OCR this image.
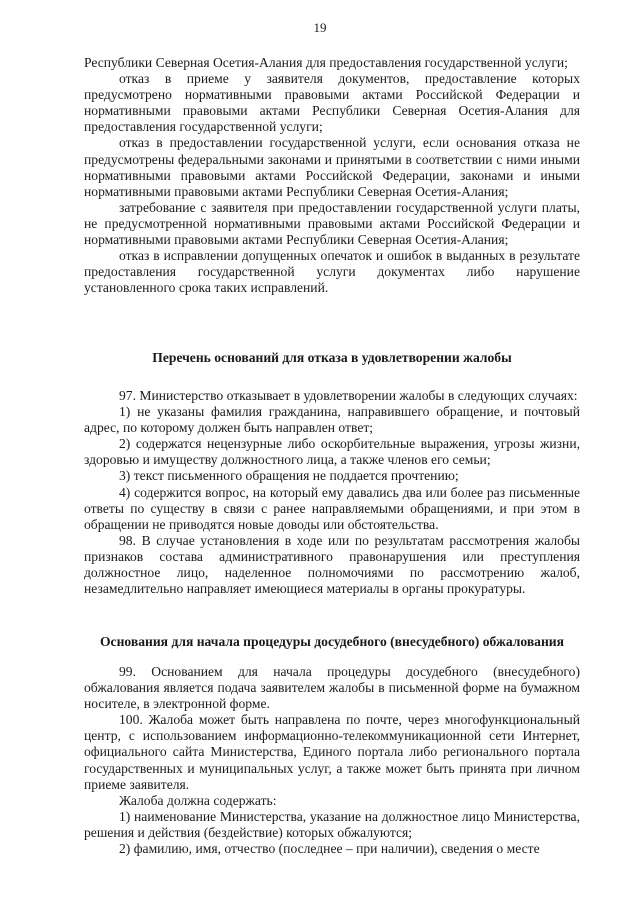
19

Республики Северная Осетия-Алания для предоставления государственной услуги;

отказ в приеме у заявителя документов, предоставление которых предусмотрено нормативными правовыми актами Российской Федерации и нормативными правовыми актами Республики Северная Осетия-Алания для предоставления государственной услуги;

отказ в предоставлении государственной услуги, если основания отказа не предусмотрены федеральными законами и принятыми в соответствии с ними иными нормативными правовыми актами Российской Федерации, законами и иными нормативными правовыми актами Республики Северная Осетия-Алания;

затребование с заявителя при предоставлении государственной услуги платы, не предусмотренной нормативными правовыми актами Российской Федерации и нормативными правовыми актами Республики Северная Осетия-Алания;

отказ в исправлении допущенных опечаток и ошибок в выданных в результате предоставления государственной услуги документах либо нарушение установленного срока таких исправлений.

Перечень оснований для отказа в удовлетворении жалобы

97. Министерство отказывает в удовлетворении жалобы в следующих случаях:

1) не указаны фамилия гражданина, направившего обращение, и почтовый адрес, по которому должен быть направлен ответ;

2) содержатся нецензурные либо оскорбительные выражения, угрозы жизни, здоровью и имуществу должностного лица, а также членов его семьи;

3) текст письменного обращения не поддается прочтению;

4) содержится вопрос, на который ему давались два или более раз письменные ответы по существу в связи с ранее направляемыми обращениями, и при этом в обращении не приводятся новые доводы или обстоятельства.

98. В случае установления в ходе или по результатам рассмотрения жалобы признаков состава административного правонарушения или преступления должностное лицо, наделенное полномочиями по рассмотрению жалоб, незамедлительно направляет имеющиеся материалы в органы прокуратуры.

Основания для начала процедуры досудебного (внесудебного) обжалования

99. Основанием для начала процедуры досудебного (внесудебного) обжалования является подача заявителем жалобы в письменной форме на бумажном носителе, в электронной форме.

100. Жалоба может быть направлена по почте, через многофункциональный центр, с использованием информационно-телекоммуникационной сети Интернет, официального сайта Министерства, Единого портала либо регионального портала государственных и муниципальных услуг, а также может быть принята при личном приеме заявителя.

Жалоба должна содержать:

1) наименование Министерства, указание на должностное лицо Министерства, решения и действия (бездействие) которых обжалуются;

2) фамилию, имя, отчество (последнее – при наличии), сведения о месте
